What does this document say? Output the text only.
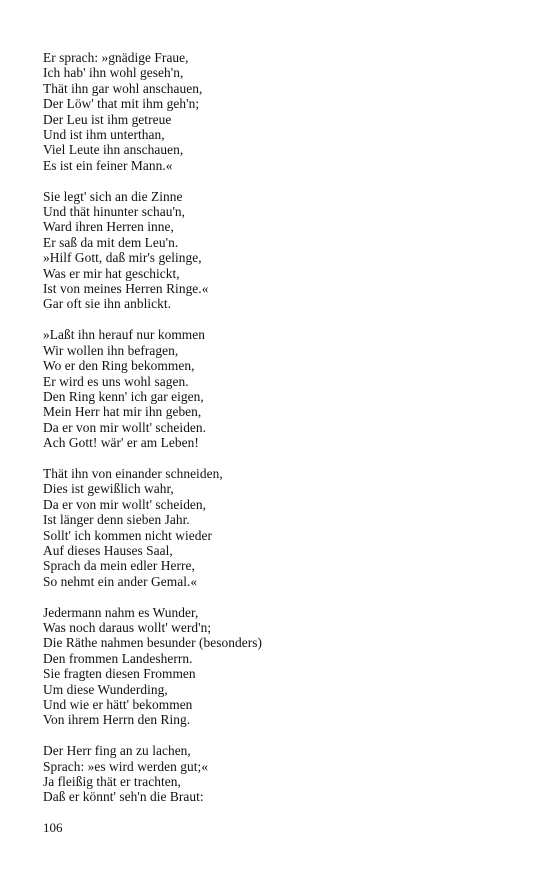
Er sprach: »gnädige Fraue,
Ich hab' ihn wohl geseh'n,
Thät ihn gar wohl anschauen,
Der Löw' that mit ihm geh'n;
Der Leu ist ihm getreue
Und ist ihm unterthan,
Viel Leute ihn anschauen,
Es ist ein feiner Mann.«
Sie legt' sich an die Zinne
Und thät hinunter schau'n,
Ward ihren Herren inne,
Er saß da mit dem Leu'n.
»Hilf Gott, daß mir's gelinge,
Was er mir hat geschickt,
Ist von meines Herren Ringe.«
Gar oft sie ihn anblickt.
»Laßt ihn herauf nur kommen
Wir wollen ihn befragen,
Wo er den Ring bekommen,
Er wird es uns wohl sagen.
Den Ring kenn' ich gar eigen,
Mein Herr hat mir ihn geben,
Da er von mir wollt' scheiden.
Ach Gott! wär' er am Leben!
Thät ihn von einander schneiden,
Dies ist gewißlich wahr,
Da er von mir wollt' scheiden,
Ist länger denn sieben Jahr.
Sollt' ich kommen nicht wieder
Auf dieses Hauses Saal,
Sprach da mein edler Herre,
So nehmt ein ander Gemal.«
Jedermann nahm es Wunder,
Was noch daraus wollt' werd'n;
Die Räthe nahmen besunder (besonders)
Den frommen Landesherrn.
Sie fragten diesen Frommen
Um diese Wunderding,
Und wie er hätt' bekommen
Von ihrem Herrn den Ring.
Der Herr fing an zu lachen,
Sprach: »es wird werden gut;«
Ja fleißig thät er trachten,
Daß er könnt' seh'n die Braut:
106
